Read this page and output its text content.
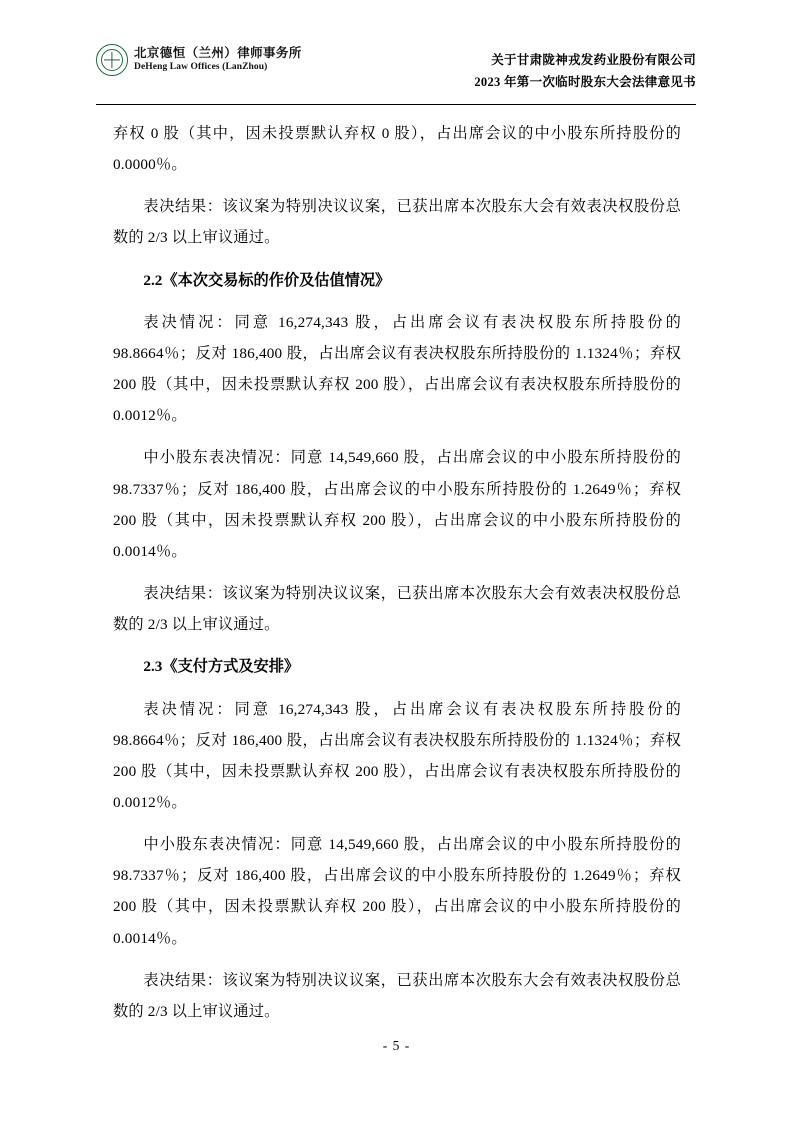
北京德恒（兰州）律师事务所
DeHeng Law Offices (LanZhou)
关于甘肃陇神戎发药业股份有限公司
2023 年第一次临时股东大会法律意见书

弃权 0 股（其中，因未投票默认弃权 0 股），占出席会议的中小股东所持股份的 0.0000％。

表决结果：该议案为特别决议议案，已获出席本次股东大会有效表决权股份总数的 2/3 以上审议通过。

2.2《本次交易标的作价及估值情况》

表决情况：同意 16,274,343 股，占出席会议有表决权股东所持股份的 98.8664％；反对 186,400 股，占出席会议有表决权股东所持股份的 1.1324％；弃权 200 股（其中，因未投票默认弃权 200 股），占出席会议有表决权股东所持股份的 0.0012％。

中小股东表决情况：同意 14,549,660 股，占出席会议的中小股东所持股份的 98.7337％；反对 186,400 股，占出席会议的中小股东所持股份的 1.2649％；弃权 200 股（其中，因未投票默认弃权 200 股），占出席会议的中小股东所持股份的 0.0014％。

表决结果：该议案为特别决议议案，已获出席本次股东大会有效表决权股份总数的 2/3 以上审议通过。

2.3《支付方式及安排》

表决情况：同意 16,274,343 股，占出席会议有表决权股东所持股份的 98.8664％；反对 186,400 股，占出席会议有表决权股东所持股份的 1.1324％；弃权 200 股（其中，因未投票默认弃权 200 股），占出席会议有表决权股东所持股份的 0.0012％。

中小股东表决情况：同意 14,549,660 股，占出席会议的中小股东所持股份的 98.7337％；反对 186,400 股，占出席会议的中小股东所持股份的 1.2649％；弃权 200 股（其中，因未投票默认弃权 200 股），占出席会议的中小股东所持股份的 0.0014％。

表决结果：该议案为特别决议议案，已获出席本次股东大会有效表决权股份总数的 2/3 以上审议通过。

- 5 -
